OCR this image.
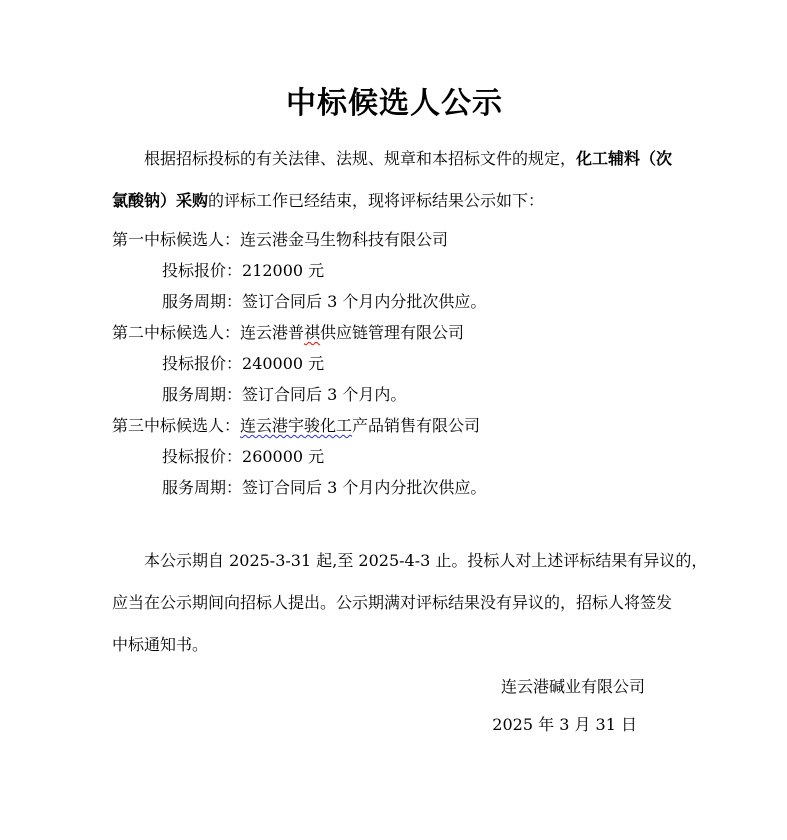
中标候选人公示
根据招标投标的有关法律、法规、规章和本招标文件的规定，化工辅料（次
氯酸钠）采购的评标工作已经结束，现将评标结果公示如下：
第一中标候选人：连云港金马生物科技有限公司
投标报价：212000 元
服务周期：签订合同后 3 个月内分批次供应。
第二中标候选人：连云港普祺供应链管理有限公司
投标报价：240000 元
服务周期：签订合同后 3 个月内。
第三中标候选人：连云港宇骏化工产品销售有限公司
投标报价：260000 元
服务周期：签订合同后 3 个月内分批次供应。
本公示期自 2025-3-31 起,至 2025-4-3 止。投标人对上述评标结果有异议的，
应当在公示期间向招标人提出。公示期满对评标结果没有异议的，招标人将签发
中标通知书。
连云港碱业有限公司
2025 年 3 月 31 日
